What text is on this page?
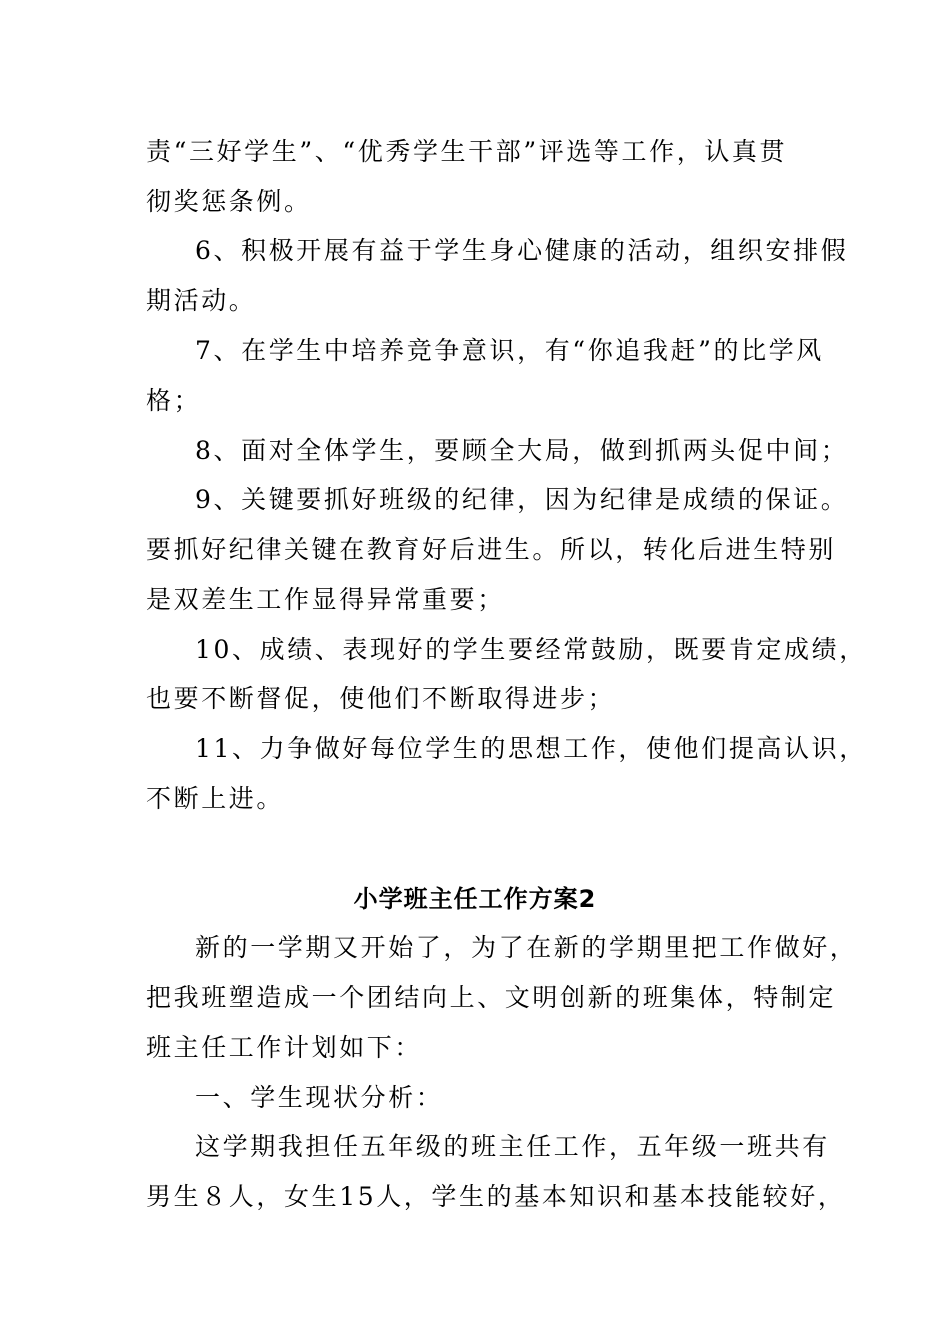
责“三好学生”、“优秀学生干部”评选等工作，认真贯
彻奖惩条例。
6、积极开展有益于学生身心健康的活动，组织安排假
期活动。
7、在学生中培养竞争意识，有“你追我赶”的比学风
格；
8、面对全体学生，要顾全大局，做到抓两头促中间；
9、关键要抓好班级的纪律，因为纪律是成绩的保证。
要抓好纪律关键在教育好后进生。所以，转化后进生特别
是双差生工作显得异常重要；
10、成绩、表现好的学生要经常鼓励，既要肯定成绩，
也要不断督促，使他们不断取得进步；
11、力争做好每位学生的思想工作，使他们提高认识，
不断上进。
小学班主任工作方案2
新的一学期又开始了，为了在新的学期里把工作做好，
把我班塑造成一个团结向上、文明创新的班集体，特制定
班主任工作计划如下：
一、学生现状分析：
这学期我担任五年级的班主任工作，五年级一班共有
男生８人，女生15人，学生的基本知识和基本技能较好，
